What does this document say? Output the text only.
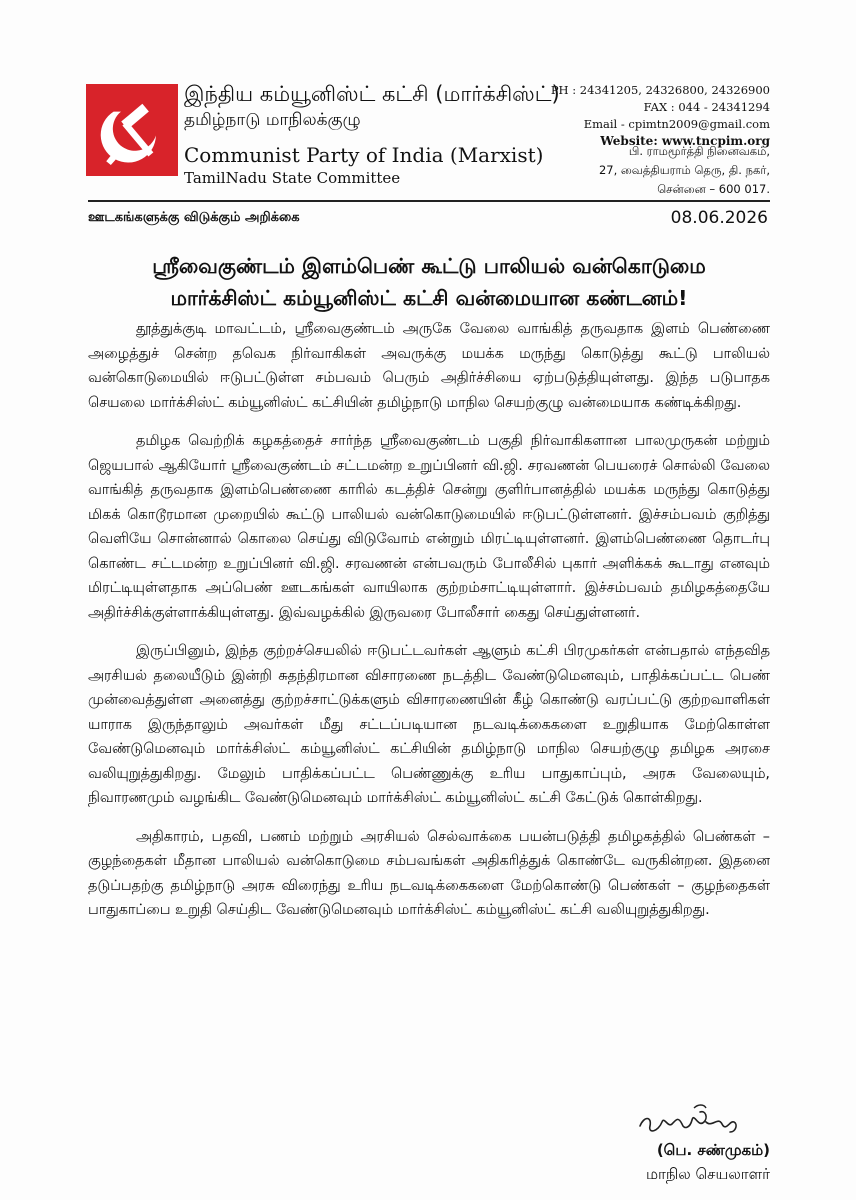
இந்திய கம்யூனிஸ்ட் கட்சி (மார்க்சிஸ்ட்)
தமிழ்நாடு மாநிலக்குழு
Communist Party of India (Marxist)
TamilNadu State Committee
PH : 24341205, 24326800, 24326900
FAX : 044 - 24341294
Email - cpimtn2009@gmail.com
Website: www.tncpim.org
பி. ராமமூர்த்தி நினைவகம்,
27, வைத்தியராம் தெரு, தி. நகர்,
சென்னை – 600 017.
ஊடகங்களுக்கு விடுக்கும் அறிக்கை	08.06.2026
ஸ்ரீவைகுண்டம் இளம்பெண் கூட்டு பாலியல் வன்கொடுமை
மார்க்சிஸ்ட் கம்யூனிஸ்ட் கட்சி வன்மையான கண்டனம்!

தூத்துக்குடி மாவட்டம், ஸ்ரீவைகுண்டம் அருகே வேலை வாங்கித் தருவதாக இளம் பெண்ணை அழைத்துச் சென்ற தவெக நிர்வாகிகள் அவருக்கு மயக்க மருந்து கொடுத்து கூட்டு பாலியல் வன்கொடுமையில் ஈடுபட்டுள்ள சம்பவம் பெரும் அதிர்ச்சியை ஏற்படுத்தியுள்ளது. இந்த படுபாதக செயலை மார்க்சிஸ்ட் கம்யூனிஸ்ட் கட்சியின் தமிழ்நாடு மாநில செயற்குழு வன்மையாக கண்டிக்கிறது.

தமிழக வெற்றிக் கழகத்தைச் சார்ந்த ஸ்ரீவைகுண்டம் பகுதி நிர்வாகிகளான பாலமுருகன் மற்றும் ஜெயபால் ஆகியோர் ஸ்ரீவைகுண்டம் சட்டமன்ற உறுப்பினர் வி.ஜி. சரவணன் பெயரைச் சொல்லி வேலை வாங்கித் தருவதாக இளம்பெண்ணை காரில் கடத்திச் சென்று குளிர்பானத்தில் மயக்க மருந்து கொடுத்து மிகக் கொடூரமான முறையில் கூட்டு பாலியல் வன்கொடுமையில் ஈடுபட்டுள்ளனர். இச்சம்பவம் குறித்து வெளியே சொன்னால் கொலை செய்து விடுவோம் என்றும் மிரட்டியுள்ளனர். இளம்பெண்ணை தொடர்பு கொண்ட சட்டமன்ற உறுப்பினர் வி.ஜி. சரவணன் என்பவரும் போலீசில் புகார் அளிக்கக் கூடாது எனவும் மிரட்டியுள்ளதாக அப்பெண் ஊடகங்கள் வாயிலாக குற்றம்சாட்டியுள்ளார். இச்சம்பவம் தமிழகத்தையே அதிர்ச்சிக்குள்ளாக்கியுள்ளது. இவ்வழக்கில் இருவரை போலீசார் கைது செய்துள்ளனர்.

இருப்பினும், இந்த குற்றச்செயலில் ஈடுபட்டவர்கள் ஆளும் கட்சி பிரமுகர்கள் என்பதால் எந்தவித அரசியல் தலையீடும் இன்றி சுதந்திரமான விசாரணை நடத்திட வேண்டுமெனவும், பாதிக்கப்பட்ட பெண் முன்வைத்துள்ள அனைத்து குற்றச்சாட்டுக்களும் விசாரணையின் கீழ் கொண்டு வரப்பட்டு குற்றவாளிகள் யாராக இருந்தாலும் அவர்கள் மீது சட்டப்படியான நடவடிக்கைகளை உறுதியாக மேற்கொள்ள வேண்டுமெனவும் மார்க்சிஸ்ட் கம்யூனிஸ்ட் கட்சியின் தமிழ்நாடு மாநில செயற்குழு தமிழக அரசை வலியுறுத்துகிறது. மேலும் பாதிக்கப்பட்ட பெண்ணுக்கு உரிய பாதுகாப்பும், அரசு வேலையும், நிவாரணமும் வழங்கிட வேண்டுமெனவும் மார்க்சிஸ்ட் கம்யூனிஸ்ட் கட்சி கேட்டுக் கொள்கிறது.

அதிகாரம், பதவி, பணம் மற்றும் அரசியல் செல்வாக்கை பயன்படுத்தி தமிழகத்தில் பெண்கள் – குழந்தைகள் மீதான பாலியல் வன்கொடுமை சம்பவங்கள் அதிகரித்துக் கொண்டே வருகின்றன. இதனை தடுப்பதற்கு தமிழ்நாடு அரசு விரைந்து உரிய நடவடிக்கைகளை மேற்கொண்டு பெண்கள் – குழந்தைகள் பாதுகாப்பை உறுதி செய்திட வேண்டுமெனவும் மார்க்சிஸ்ட் கம்யூனிஸ்ட் கட்சி வலியுறுத்துகிறது.

(பெ. சண்முகம்)
மாநில செயலாளர்
